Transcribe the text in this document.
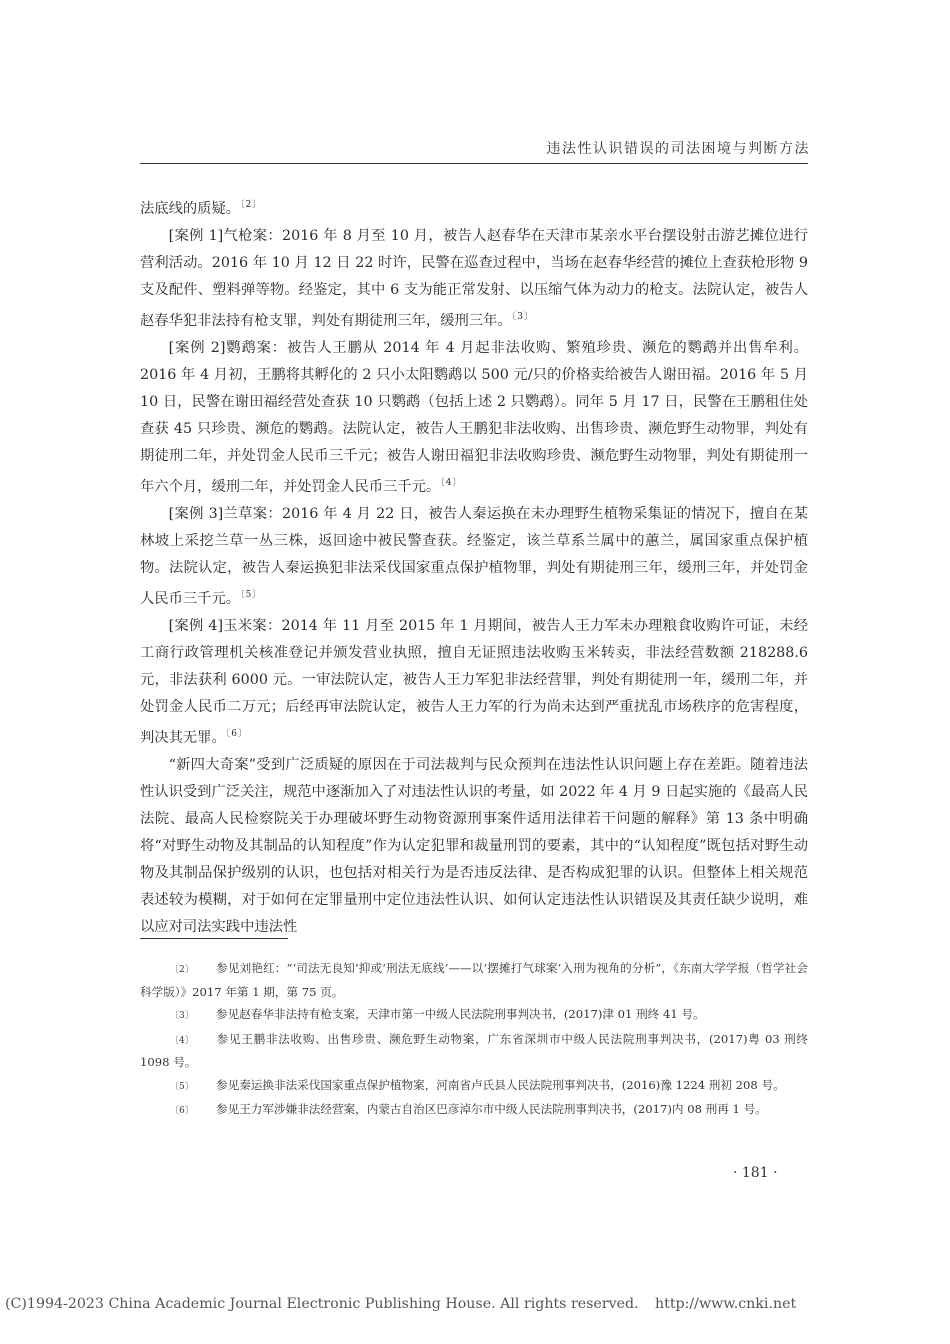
违法性认识错误的司法困境与判断方法

法底线的质疑。$^{〔2〕}$

[案例 1]气枪案：2016 年 8 月至 10 月，被告人赵春华在天津市某亲水平台摆设射击游艺摊位进行营利活动。2016 年 10 月 12 日 22 时许，民警在巡查过程中，当场在赵春华经营的摊位上查获枪形物 9 支及配件、塑料弹等物。经鉴定，其中 6 支为能正常发射、以压缩气体为动力的枪支。法院认定，被告人赵春华犯非法持有枪支罪，判处有期徒刑三年，缓刑三年。$^{〔3〕}$

[案例 2]鹦鹉案：被告人王鹏从 2014 年 4 月起非法收购、繁殖珍贵、濒危的鹦鹉并出售牟利。2016 年 4 月初，王鹏将其孵化的 2 只小太阳鹦鹉以 500 元/只的价格卖给被告人谢田福。2016 年 5 月 10 日，民警在谢田福经营处查获 10 只鹦鹉（包括上述 2 只鹦鹉）。同年 5 月 17 日，民警在王鹏租住处查获 45 只珍贵、濒危的鹦鹉。法院认定，被告人王鹏犯非法收购、出售珍贵、濒危野生动物罪，判处有期徒刑二年，并处罚金人民币三千元；被告人谢田福犯非法收购珍贵、濒危野生动物罪，判处有期徒刑一年六个月，缓刑二年，并处罚金人民币三千元。$^{〔4〕}$

[案例 3]兰草案：2016 年 4 月 22 日，被告人秦运换在未办理野生植物采集证的情况下，擅自在某林坡上采挖兰草一丛三株，返回途中被民警查获。经鉴定，该兰草系兰属中的蕙兰，属国家重点保护植物。法院认定，被告人秦运换犯非法采伐国家重点保护植物罪，判处有期徒刑三年，缓刑三年，并处罚金人民币三千元。$^{〔5〕}$

[案例 4]玉米案：2014 年 11 月至 2015 年 1 月期间，被告人王力军未办理粮食收购许可证，未经工商行政管理机关核准登记并颁发营业执照，擅自无证照违法收购玉米转卖，非法经营数额 218288.6 元，非法获利 6000 元。一审法院认定，被告人王力军犯非法经营罪，判处有期徒刑一年，缓刑二年，并处罚金人民币二万元；后经再审法院认定，被告人王力军的行为尚未达到严重扰乱市场秩序的危害程度，判决其无罪。$^{〔6〕}$

“新四大奇案”受到广泛质疑的原因在于司法裁判与民众预判在违法性认识问题上存在差距。随着违法性认识受到广泛关注，规范中逐渐加入了对违法性认识的考量，如 2022 年 4 月 9 日起实施的《最高人民法院、最高人民检察院关于办理破坏野生动物资源刑事案件适用法律若干问题的解释》第 13 条中明确将“对野生动物及其制品的认知程度”作为认定犯罪和裁量刑罚的要素，其中的“认知程度”既包括对野生动物及其制品保护级别的认识，也包括对相关行为是否违反法律、是否构成犯罪的认识。但整体上相关规范表述较为模糊，对于如何在定罪量刑中定位违法性认识、如何认定违法性认识错误及其责任缺少说明，难以应对司法实践中违法性

〔2〕 参见刘艳红：“‘司法无良知’抑或‘刑法无底线’——以‘摆摊打气球案’入刑为视角的分析”，《东南大学学报（哲学社会科学版）》2017 年第 1 期，第 75 页。

〔3〕 参见赵春华非法持有枪支案，天津市第一中级人民法院刑事判决书，(2017)津 01 刑终 41 号。

〔4〕 参见王鹏非法收购、出售珍贵、濒危野生动物案，广东省深圳市中级人民法院刑事判决书，(2017)粤 03 刑终 1098 号。

〔5〕 参见秦运换非法采伐国家重点保护植物案，河南省卢氏县人民法院刑事判决书，(2016)豫 1224 刑初 208 号。

〔6〕 参见王力军涉嫌非法经营案，内蒙古自治区巴彦淖尔市中级人民法院刑事判决书，(2017)内 08 刑再 1 号。

· 181 ·
(C)1994-2023 China Academic Journal Electronic Publishing House. All rights reserved. http://www.cnki.net
